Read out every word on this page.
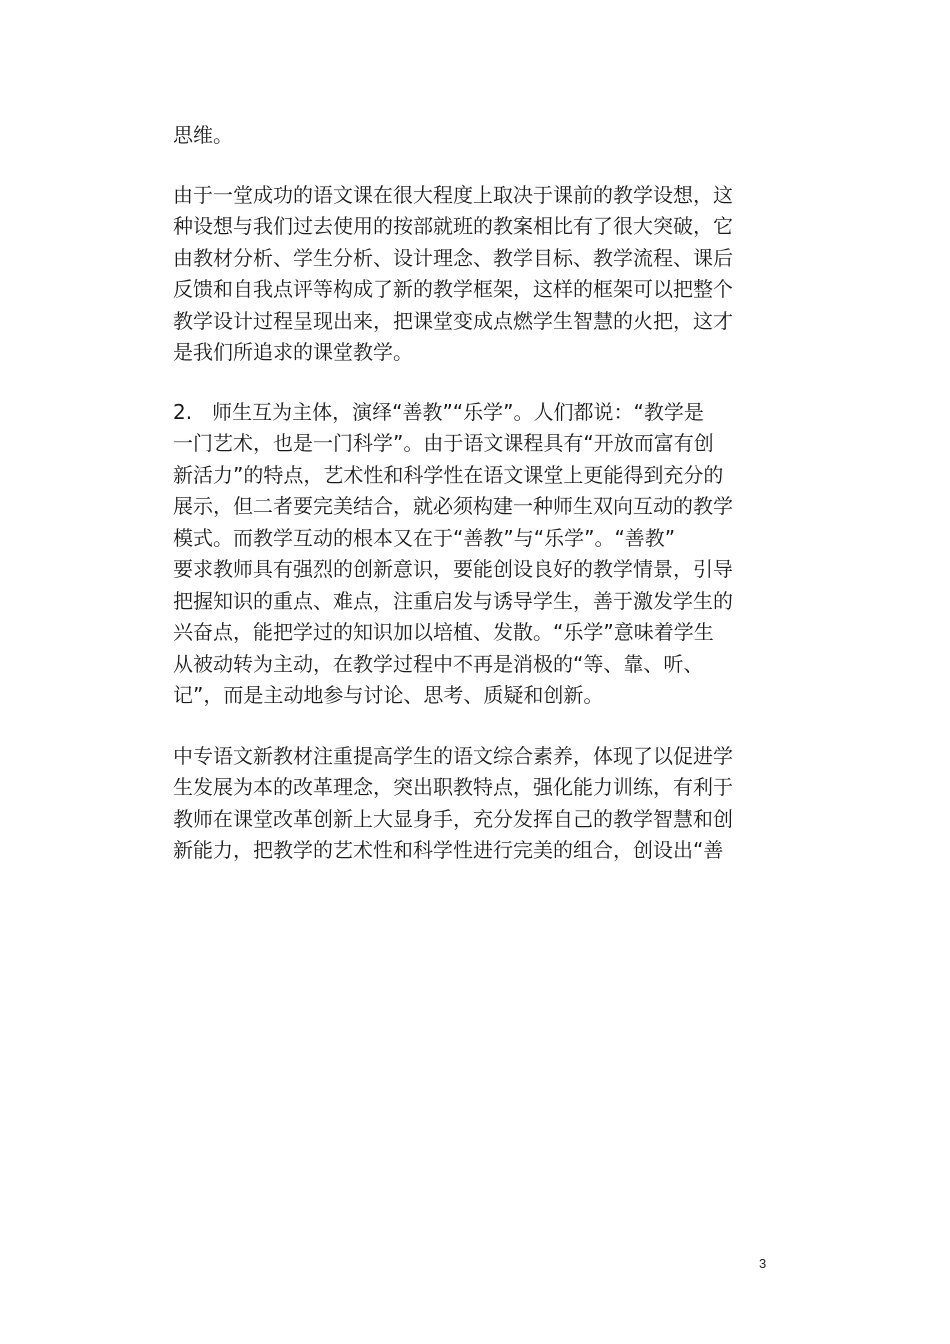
思维。

由于一堂成功的语文课在很大程度上取决于课前的教学设想，这
种设想与我们过去使用的按部就班的教案相比有了很大突破，它
由教材分析、学生分析、设计理念、教学目标、教学流程、课后
反馈和自我点评等构成了新的教学框架，这样的框架可以把整个
教学设计过程呈现出来，把课堂变成点燃学生智慧的火把，这才
是我们所追求的课堂教学。

2.　师生互为主体，演绎“善教”“乐学”。人们都说：“教学是
一门艺术，也是一门科学”。由于语文课程具有“开放而富有创
新活力”的特点，艺术性和科学性在语文课堂上更能得到充分的
展示，但二者要完美结合，就必须构建一种师生双向互动的教学
模式。而教学互动的根本又在于“善教”与“乐学”。“善教”
要求教师具有强烈的创新意识，要能创设良好的教学情景，引导
把握知识的重点、难点，注重启发与诱导学生，善于激发学生的
兴奋点，能把学过的知识加以培植、发散。“乐学”意味着学生
从被动转为主动，在教学过程中不再是消极的“等、靠、听、
记”，而是主动地参与讨论、思考、质疑和创新。

中专语文新教材注重提高学生的语文综合素养，体现了以促进学
生发展为本的改革理念，突出职教特点，强化能力训练，有利于
教师在课堂改革创新上大显身手，充分发挥自己的教学智慧和创
新能力，把教学的艺术性和科学性进行完美的组合，创设出“善

3
